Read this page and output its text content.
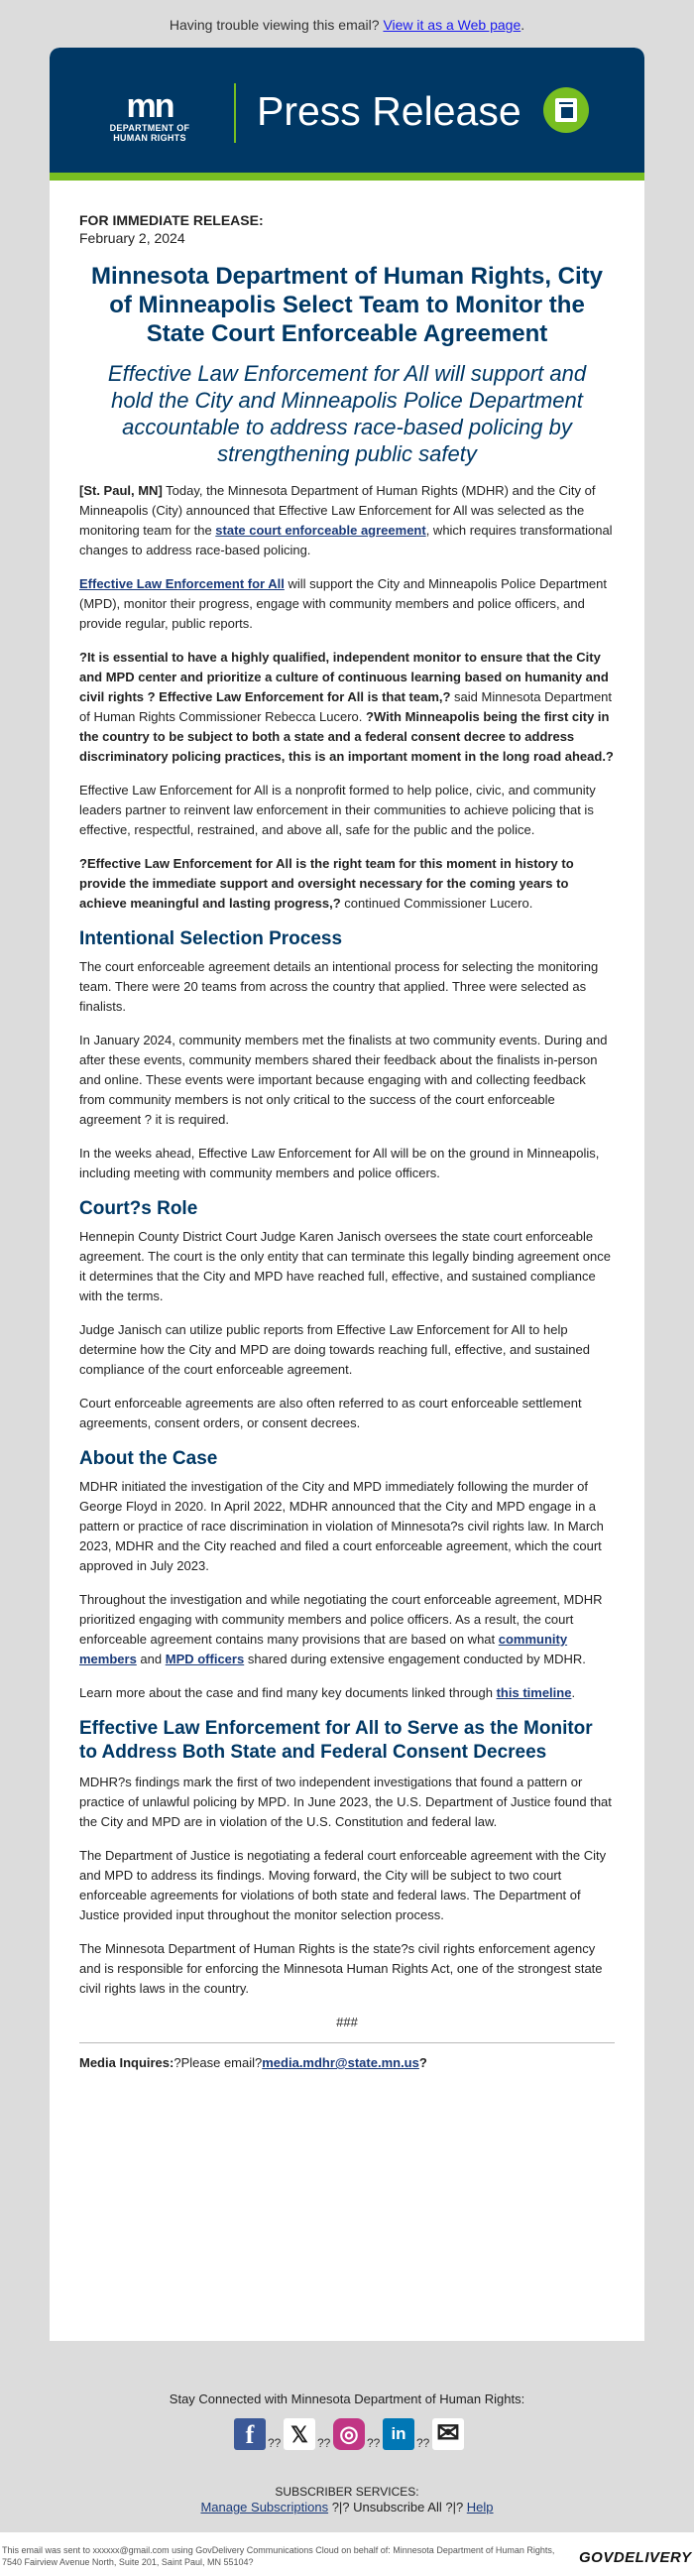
Having trouble viewing this email? View it as a Web page.
mn
DEPARTMENT OF
HUMAN RIGHTS
Press Release
FOR IMMEDIATE RELEASE:
February 2, 2024
Minnesota Department of Human Rights, City of Minneapolis Select Team to Monitor the State Court Enforceable Agreement
Effective Law Enforcement for All will support and hold the City and Minneapolis Police Department accountable to address race-based policing by strengthening public safety

[St. Paul, MN] Today, the Minnesota Department of Human Rights (MDHR) and the City of Minneapolis (City) announced that Effective Law Enforcement for All was selected as the monitoring team for the state court enforceable agreement, which requires transformational changes to address race-based policing.

Effective Law Enforcement for All will support the City and Minneapolis Police Department (MPD), monitor their progress, engage with community members and police officers, and provide regular, public reports.

?It is essential to have a highly qualified, independent monitor to ensure that the City and MPD center and prioritize a culture of continuous learning based on humanity and civil rights ? Effective Law Enforcement for All is that team,? said Minnesota Department of Human Rights Commissioner Rebecca Lucero. ?With Minneapolis being the first city in the country to be subject to both a state and a federal consent decree to address discriminatory policing practices, this is an important moment in the long road ahead.?

Effective Law Enforcement for All is a nonprofit formed to help police, civic, and community leaders partner to reinvent law enforcement in their communities to achieve policing that is effective, respectful, restrained, and above all, safe for the public and the police.

?Effective Law Enforcement for All is the right team for this moment in history to provide the immediate support and oversight necessary for the coming years to achieve meaningful and lasting progress,? continued Commissioner Lucero.

Intentional Selection Process

The court enforceable agreement details an intentional process for selecting the monitoring team. There were 20 teams from across the country that applied. Three were selected as finalists.

In January 2024, community members met the finalists at two community events. During and after these events, community members shared their feedback about the finalists in-person and online. These events were important because engaging with and collecting feedback from community members is not only critical to the success of the court enforceable agreement ? it is required.

In the weeks ahead, Effective Law Enforcement for All will be on the ground in Minneapolis, including meeting with community members and police officers.

Court?s Role

Hennepin County District Court Judge Karen Janisch oversees the state court enforceable agreement. The court is the only entity that can terminate this legally binding agreement once it determines that the City and MPD have reached full, effective, and sustained compliance with the terms.

Judge Janisch can utilize public reports from Effective Law Enforcement for All to help determine how the City and MPD are doing towards reaching full, effective, and sustained compliance of the court enforceable agreement.

Court enforceable agreements are also often referred to as court enforceable settlement agreements, consent orders, or consent decrees.

About the Case

MDHR initiated the investigation of the City and MPD immediately following the murder of George Floyd in 2020. In April 2022, MDHR announced that the City and MPD engage in a pattern or practice of race discrimination in violation of Minnesota?s civil rights law. In March 2023, MDHR and the City reached and filed a court enforceable agreement, which the court approved in July 2023.

Throughout the investigation and while negotiating the court enforceable agreement, MDHR prioritized engaging with community members and police officers. As a result, the court enforceable agreement contains many provisions that are based on what community members and MPD officers shared during extensive engagement conducted by MDHR.

Learn more about the case and find many key documents linked through this timeline.

Effective Law Enforcement for All to Serve as the Monitor to Address Both State and Federal Consent Decrees

MDHR?s findings mark the first of two independent investigations that found a pattern or practice of unlawful policing by MPD. In June 2023, the U.S. Department of Justice found that the City and MPD are in violation of the U.S. Constitution and federal law.

The Department of Justice is negotiating a federal court enforceable agreement with the City and MPD to address its findings. Moving forward, the City will be subject to two court enforceable agreements for violations of both state and federal laws. The Department of Justice provided input throughout the monitor selection process.

The Minnesota Department of Human Rights is the state?s civil rights enforcement agency and is responsible for enforcing the Minnesota Human Rights Act, one of the strongest state civil rights laws in the country.

###

Media Inquires:?Please email?media.mdhr@state.mn.us?

Stay Connected with Minnesota Department of Human Rights:
SUBSCRIBER SERVICES:
Manage Subscriptions ?|? Unsubscribe All ?|? Help
f	?? 𝕏 ?? ◎ ?? in ?? ✉
This email was sent to xxxxxx@gmail.com using GovDelivery Communications Cloud on behalf of: Minnesota Department of Human Rights, 7540 Fairview Avenue North, Suite 201, Saint Paul, MN 55104?	GOVDELIVERY
